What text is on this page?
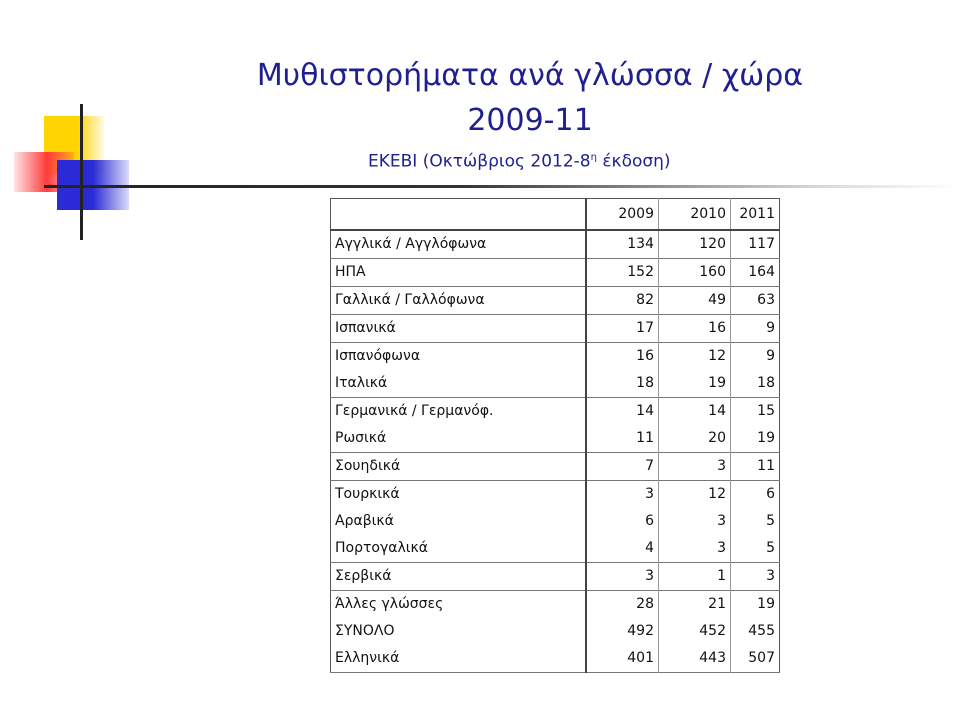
Μυθιστορήματα ανά γλώσσα / χώρα
2009-11
ΕΚΕΒΙ (Οκτώβριος $2012-8^\eta$ έκδοση)
	2009	2010	2011
Αγγλικά / Αγγλόφωνα	134	120	117
ΗΠΑ	152	160	164
Γαλλικά / Γαλλόφωνα	82	49	63
Ισπανικά	17	16	9
Ισπανόφωνα	16	12	9
Ιταλικά	18	19	18
Γερμανικά / Γερμανόφ.	14	14	15
Ρωσικά	11	20	19
Σουηδικά	7	3	11
Τουρκικά	3	12	6
Αραβικά	6	3	5
Πορτογαλικά	4	3	5
Σερβικά	3	1	3
Άλλες γλώσσες	28	21	19
ΣΥΝΟΛΟ	492	452	455
Ελληνικά	401	443	507
